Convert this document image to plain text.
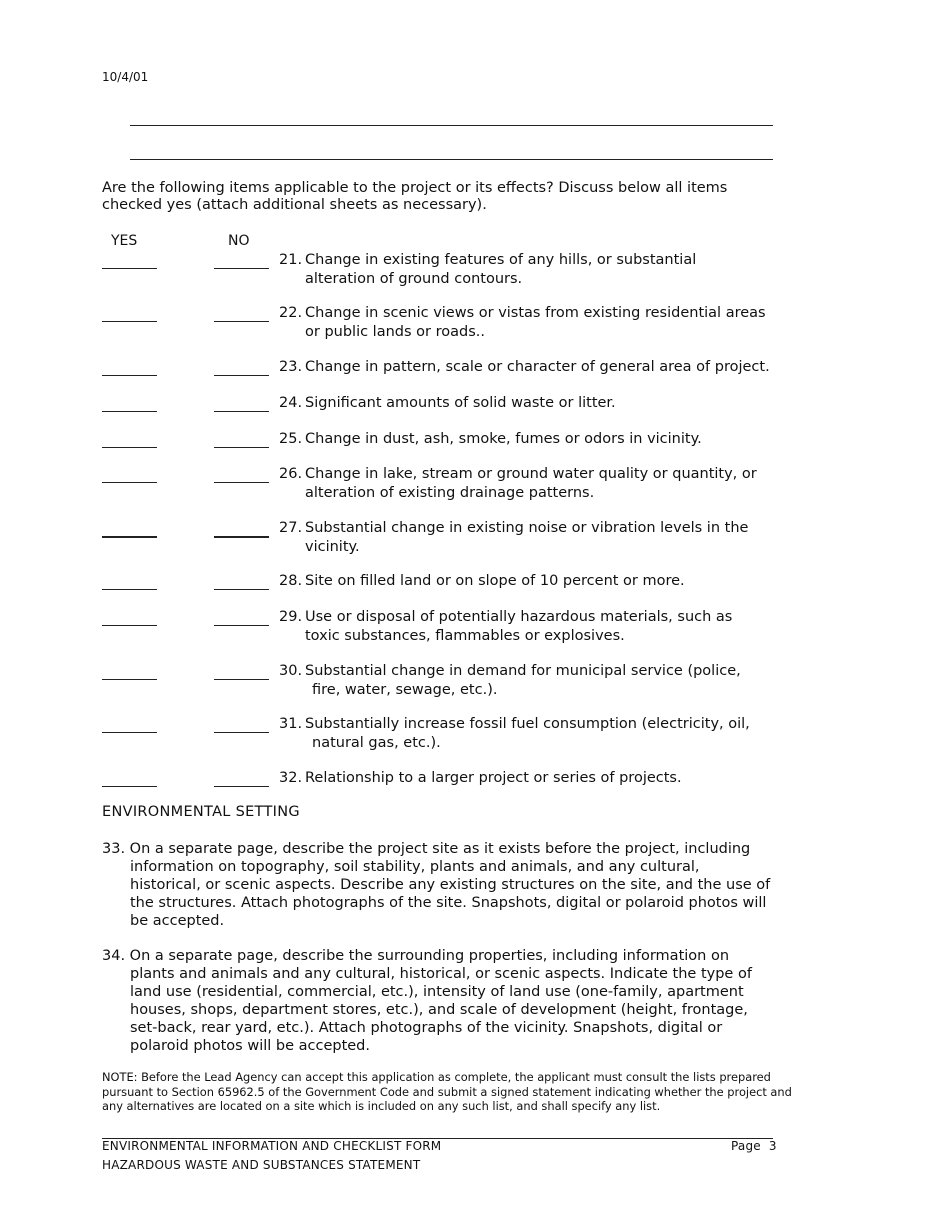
10/4/01
Are the following items applicable to the project or its effects? Discuss below all items checked yes (attach additional sheets as necessary).
YES	NO
21. Change in existing features of any hills, or substantial
alteration of ground contours.
22. Change in scenic views or vistas from existing residential areas
or public lands or roads..
23. Change in pattern, scale or character of general area of project.
24. Significant amounts of solid waste or litter.
25. Change in dust, ash, smoke, fumes or odors in vicinity.
26. Change in lake, stream or ground water quality or quantity, or
alteration of existing drainage patterns.
27. Substantial change in existing noise or vibration levels in the
vicinity.
28. Site on filled land or on slope of 10 percent or more.
29. Use or disposal of potentially hazardous materials, such as
toxic substances, flammables or explosives.
30. Substantial change in demand for municipal service (police,
fire, water, sewage, etc.).
31. Substantially increase fossil fuel consumption (electricity, oil,
natural gas, etc.).
32. Relationship to a larger project or series of projects.
ENVIRONMENTAL SETTING
33. On a separate page, describe the project site as it exists before the project, including
information on topography, soil stability, plants and animals, and any cultural, historical, or scenic aspects. Describe any existing structures on the site, and the use of the structures. Attach photographs of the site. Snapshots, digital or polaroid photos will be accepted.
34. On a separate page, describe the surrounding properties, including information on
plants and animals and any cultural, historical, or scenic aspects. Indicate the type of land use (residential, commercial, etc.), intensity of land use (one-family, apartment houses, shops, department stores, etc.), and scale of development (height, frontage, set-back, rear yard, etc.). Attach photographs of the vicinity. Snapshots, digital or polaroid photos will be accepted.
NOTE: Before the Lead Agency can accept this application as complete, the applicant must consult the lists prepared pursuant to Section 65962.5 of the Government Code and submit a signed statement indicating whether the project and any alternatives are located on a site which is included on any such list, and shall specify any list.
ENVIRONMENTAL INFORMATION AND CHECKLIST FORM
HAZARDOUS WASTE AND SUBSTANCES STATEMENT
Page 3
